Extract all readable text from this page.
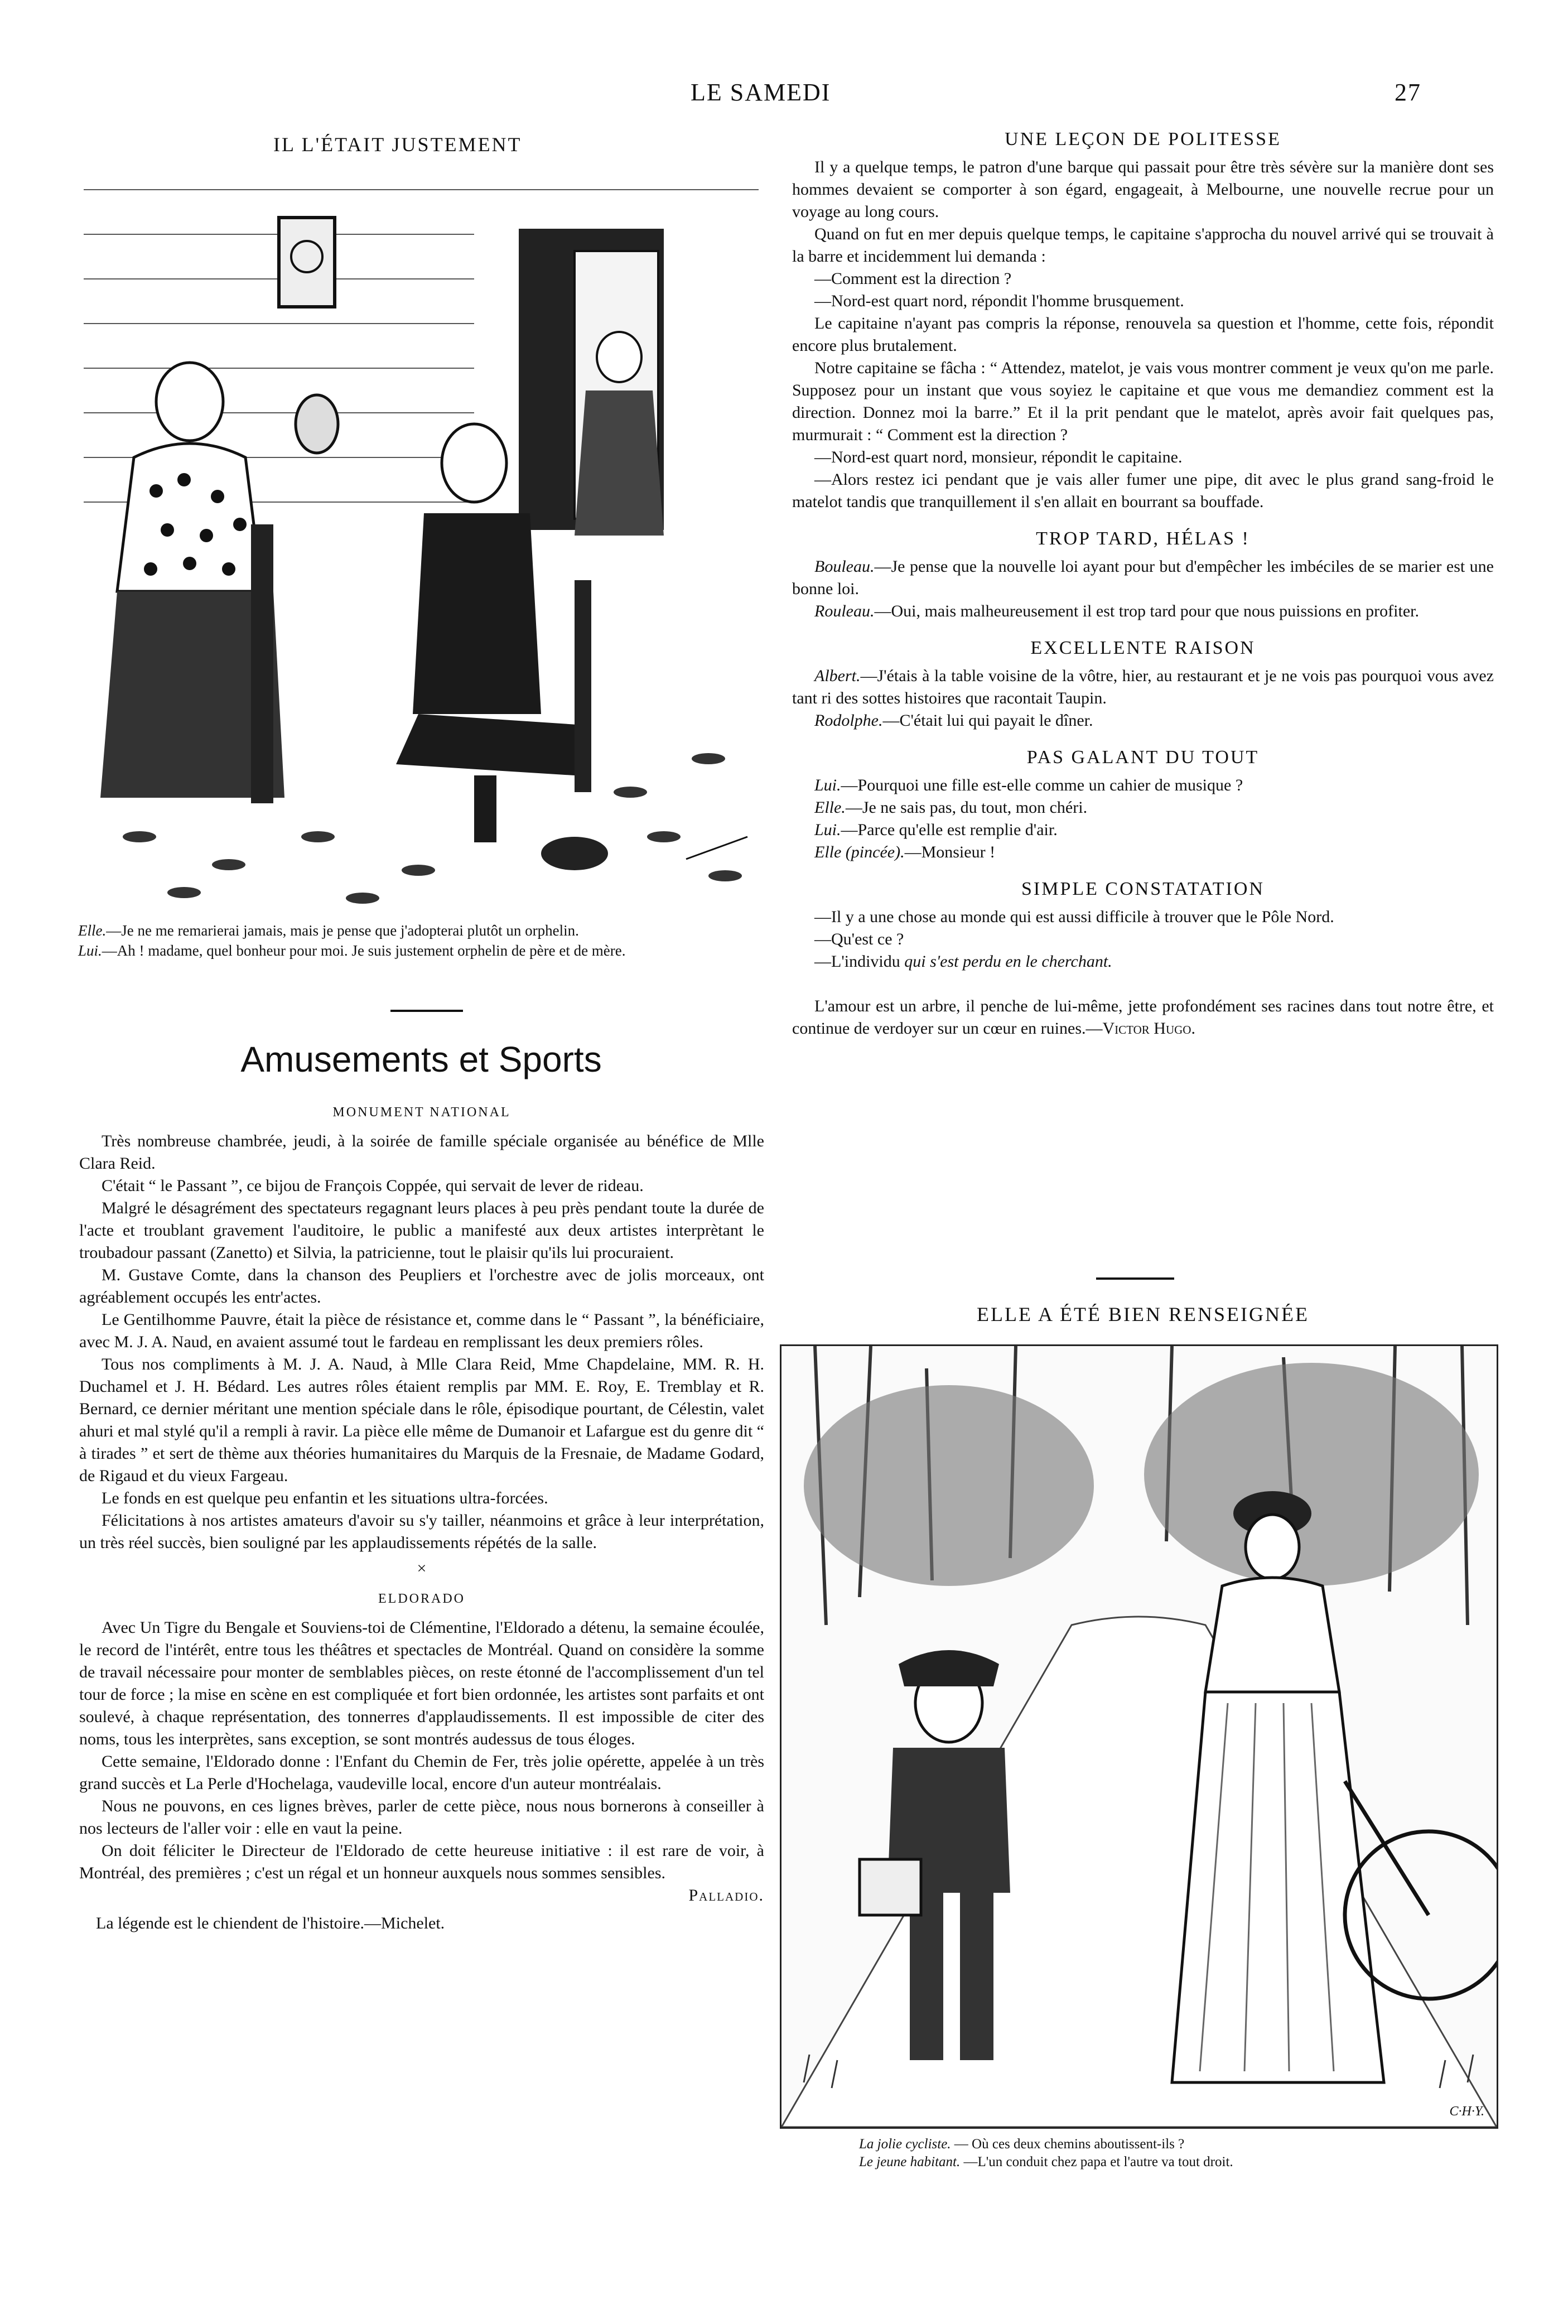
LE SAMEDI	27
IL L'ÉTAIT JUSTEMENT
Elle.—Je ne me remarierai jamais, mais je pense que j'adopterai plutôt un orphelin.
Lui.—Ah ! madame, quel bonheur pour moi. Je suis justement orphelin de père et de mère.
Amusements et Sports
MONUMENT NATIONAL

Très nombreuse chambrée, jeudi, à la soirée de famille spéciale organisée au bénéfice de Mlle Clara Reid.

C'était “ le Passant ”, ce bijou de François Coppée, qui servait de lever de rideau.

Malgré le désagrément des spectateurs regagnant leurs places à peu près pendant toute la durée de l'acte et troublant gravement l'auditoire, le public a manifesté aux deux artistes interprètant le troubadour passant (Zanetto) et Silvia, la patricienne, tout le plaisir qu'ils lui procuraient.

M. Gustave Comte, dans la chanson des Peupliers et l'orchestre avec de jolis morceaux, ont agréablement occupés les entr'actes.

Le Gentilhomme Pauvre, était la pièce de résistance et, comme dans le “ Passant ”, la bénéficiaire, avec M. J. A. Naud, en avaient assumé tout le fardeau en remplissant les deux premiers rôles.

Tous nos compliments à M. J. A. Naud, à Mlle Clara Reid, Mme Chapdelaine, MM. R. H. Duchamel et J. H. Bédard. Les autres rôles étaient remplis par MM. E. Roy, E. Tremblay et R. Bernard, ce dernier méritant une mention spéciale dans le rôle, épisodique pourtant, de Célestin, valet ahuri et mal stylé qu'il a rempli à ravir. La pièce elle même de Dumanoir et Lafargue est du genre dit “ à tirades ” et sert de thème aux théories humanitaires du Marquis de la Fresnaie, de Madame Godard, de Rigaud et du vieux Fargeau.

Le fonds en est quelque peu enfantin et les situations ultra-forcées.

Félicitations à nos artistes amateurs d'avoir su s'y tailler, néanmoins et grâce à leur interprétation, un très réel succès, bien souligné par les applaudissements répétés de la salle.

×
ELDORADO

Avec Un Tigre du Bengale et Souviens-toi de Clémentine, l'Eldorado a détenu, la semaine écoulée, le record de l'intérêt, entre tous les théâtres et spectacles de Montréal. Quand on considère la somme de travail nécessaire pour monter de semblables pièces, on reste étonné de l'accomplissement d'un tel tour de force ; la mise en scène en est compliquée et fort bien ordonnée, les artistes sont parfaits et ont soulevé, à chaque représentation, des tonnerres d'applaudissements. Il est impossible de citer des noms, tous les interprètes, sans exception, se sont montrés audessus de tous éloges.

Cette semaine, l'Eldorado donne : l'Enfant du Chemin de Fer, très jolie opérette, appelée à un très grand succès et La Perle d'Hochelaga, vaudeville local, encore d'un auteur montréalais.

Nous ne pouvons, en ces lignes brèves, parler de cette pièce, nous nous bornerons à conseiller à nos lecteurs de l'aller voir : elle en vaut la peine.

On doit féliciter le Directeur de l'Eldorado de cette heureuse initiative : il est rare de voir, à Montréal, des premières ; c'est un régal et un honneur auxquels nous sommes sensibles.

Palladio.

La légende est le chiendent de l'histoire.—Michelet.

UNE LEÇON DE POLITESSE

Il y a quelque temps, le patron d'une barque qui passait pour être très sévère sur la manière dont ses hommes devaient se comporter à son égard, engageait, à Melbourne, une nouvelle recrue pour un voyage au long cours.

Quand on fut en mer depuis quelque temps, le capitaine s'approcha du nouvel arrivé qui se trouvait à la barre et incidemment lui demanda :

—Comment est la direction ?

—Nord-est quart nord, répondit l'homme brusquement.

Le capitaine n'ayant pas compris la réponse, renouvela sa question et l'homme, cette fois, répondit encore plus brutalement.

Notre capitaine se fâcha : “ Attendez, matelot, je vais vous montrer comment je veux qu'on me parle. Supposez pour un instant que vous soyiez le capitaine et que vous me demandiez comment est la direction. Donnez moi la barre.” Et il la prit pendant que le matelot, après avoir fait quelques pas, murmurait : “ Comment est la direction ?

—Nord-est quart nord, monsieur, répondit le capitaine.

—Alors restez ici pendant que je vais aller fumer une pipe, dit avec le plus grand sang-froid le matelot tandis que tranquillement il s'en allait en bourrant sa bouffade.

TROP TARD, HÉLAS !

Bouleau.—Je pense que la nouvelle loi ayant pour but d'empêcher les imbéciles de se marier est une bonne loi.

Rouleau.—Oui, mais malheureusement il est trop tard pour que nous puissions en profiter.

EXCELLENTE RAISON

Albert.—J'étais à la table voisine de la vôtre, hier, au restaurant et je ne vois pas pourquoi vous avez tant ri des sottes histoires que racontait Taupin.

Rodolphe.—C'était lui qui payait le dîner.

PAS GALANT DU TOUT

Lui.—Pourquoi une fille est-elle comme un cahier de musique ?

Elle.—Je ne sais pas, du tout, mon chéri.

Lui.—Parce qu'elle est remplie d'air.

Elle (pincée).—Monsieur !

SIMPLE CONSTATATION

—Il y a une chose au monde qui est aussi difficile à trouver que le Pôle Nord.

—Qu'est ce ?

—L'individu qui s'est perdu en le cherchant.

L'amour est un arbre, il penche de lui-même, jette profondément ses racines dans tout notre être, et continue de verdoyer sur un cœur en ruines.—Victor Hugo.

ELLE A ÉTÉ BIEN RENSEIGNÉE
C·H·Y.
La jolie cycliste. — Où ces deux chemins aboutissent-ils ?
Le jeune habitant. —L'un conduit chez papa et l'autre va tout droit.
